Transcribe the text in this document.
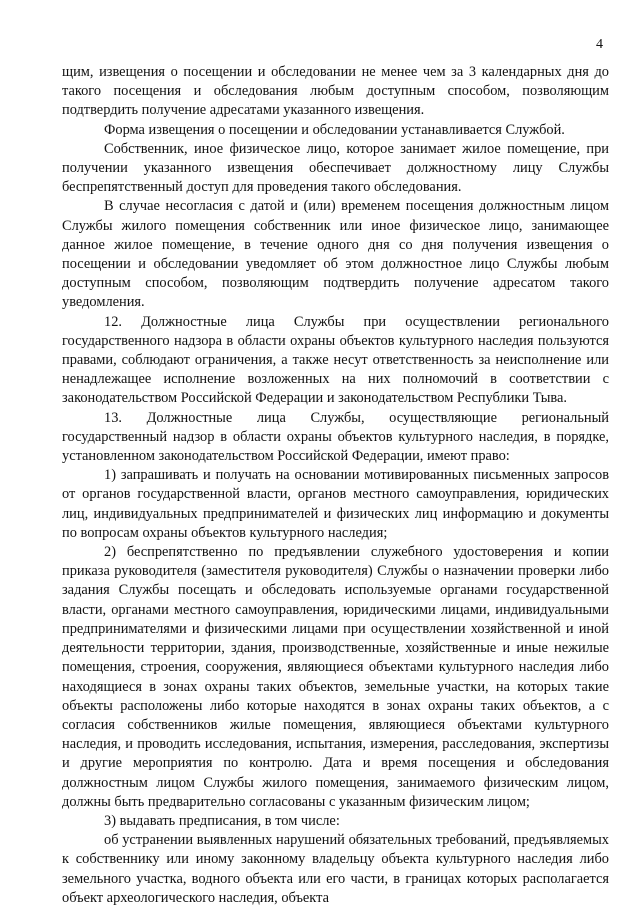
4

щим, извещения о посещении и обследовании не менее чем за 3 календарных дня до такого посещения и обследования любым доступным способом, позволяющим подтвердить получение адресатами указанного извещения.

Форма извещения о посещении и обследовании устанавливается Службой.

Собственник, иное физическое лицо, которое занимает жилое помещение, при получении указанного извещения обеспечивает должностному лицу Службы беспрепятственный доступ для проведения такого обследования.

В случае несогласия с датой и (или) временем посещения должностным лицом Службы жилого помещения собственник или иное физическое лицо, занимающее данное жилое помещение, в течение одного дня со дня получения извещения о посещении и обследовании уведомляет об этом должностное лицо Службы любым доступным способом, позволяющим подтвердить получение адресатом такого уведомления.

12. Должностные лица Службы при осуществлении регионального государственного надзора в области охраны объектов культурного наследия пользуются правами, соблюдают ограничения, а также несут ответственность за неисполнение или ненадлежащее исполнение возложенных на них полномочий в соответствии с законодательством Российской Федерации и законодательством Республики Тыва.

13. Должностные лица Службы, осуществляющие региональный государственный надзор в области охраны объектов культурного наследия, в порядке, установленном законодательством Российской Федерации, имеют право:

1) запрашивать и получать на основании мотивированных письменных запросов от органов государственной власти, органов местного самоуправления, юридических лиц, индивидуальных предпринимателей и физических лиц информацию и документы по вопросам охраны объектов культурного наследия;

2) беспрепятственно по предъявлении служебного удостоверения и копии приказа руководителя (заместителя руководителя) Службы о назначении проверки либо задания Службы посещать и обследовать используемые органами государственной власти, органами местного самоуправления, юридическими лицами, индивидуальными предпринимателями и физическими лицами при осуществлении хозяйственной и иной деятельности территории, здания, производственные, хозяйственные и иные нежилые помещения, строения, сооружения, являющиеся объектами культурного наследия либо находящиеся в зонах охраны таких объектов, земельные участки, на которых такие объекты расположены либо которые находятся в зонах охраны таких объектов, а с согласия собственников жилые помещения, являющиеся объектами культурного наследия, и проводить исследования, испытания, измерения, расследования, экспертизы и другие мероприятия по контролю. Дата и время посещения и обследования должностным лицом Службы жилого помещения, занимаемого физическим лицом, должны быть предварительно согласованы с указанным физическим лицом;

3) выдавать предписания, в том числе:

об устранении выявленных нарушений обязательных требований, предъявляемых к собственнику или иному законному владельцу объекта культурного наследия либо земельного участка, водного объекта или его части, в границах которых располагается объект археологического наследия, объекта
